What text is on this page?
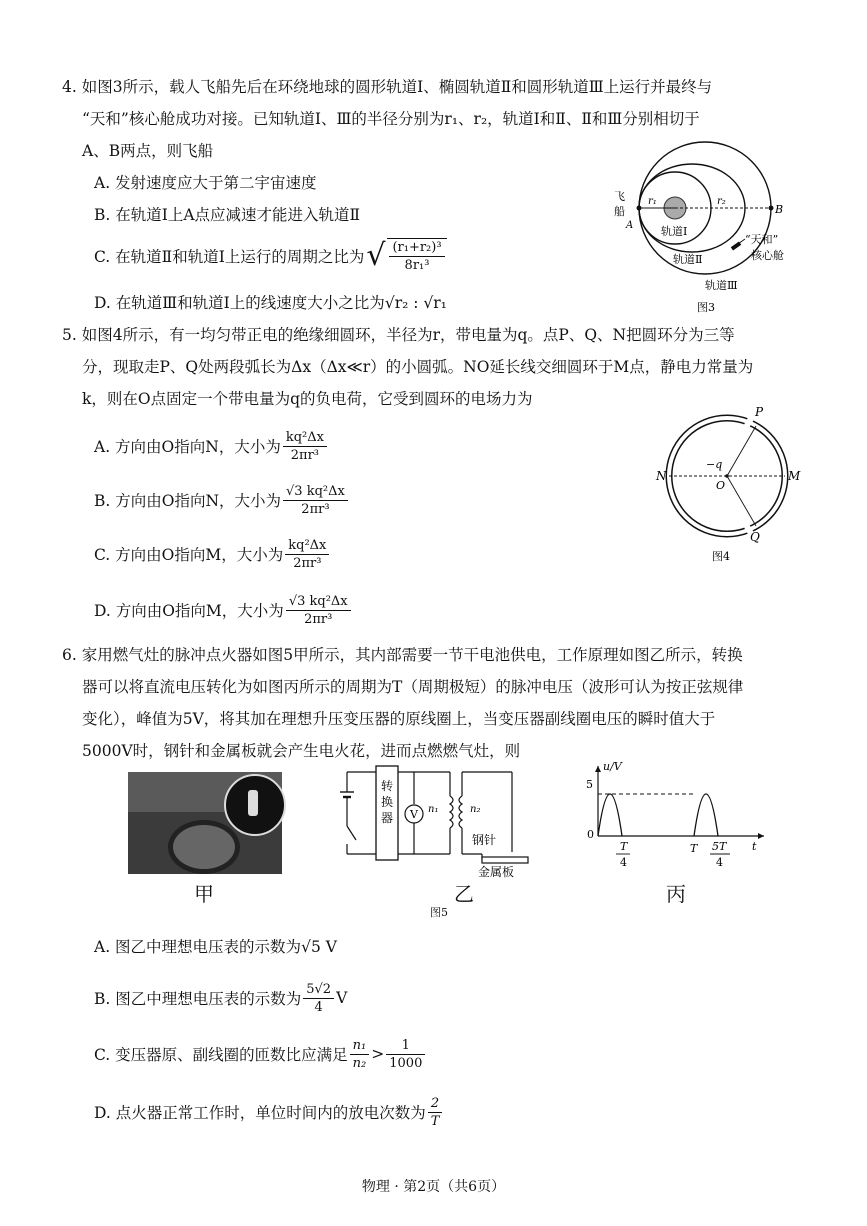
4. 如图3所示，载人飞船先后在环绕地球的圆形轨道Ⅰ、椭圆轨道Ⅱ和圆形轨道Ⅲ上运行并最终与
“天和”核心舱成功对接。已知轨道Ⅰ、Ⅲ的半径分别为r₁、r₂，轨道Ⅰ和Ⅱ、Ⅱ和Ⅲ分别相切于
A、B两点，则飞船
A. 发射速度应大于第二宇宙速度
B. 在轨道Ⅰ上A点应减速才能进入轨道Ⅱ
C. 在轨道Ⅱ和轨道Ⅰ上运行的周期之比为 √ $\frac{\text{(r₁+r₂)³}}{\text{8r₁³}}$
D. 在轨道Ⅲ和轨道Ⅰ上的线速度大小之比为√r₂ : √r₁
飞
船
A
B
r₁	r₂
轨道Ⅰ
轨道Ⅱ
轨道Ⅲ
“天和”
核心舱
图3
5. 如图4所示，有一均匀带正电的绝缘细圆环，半径为r，带电量为q。点P、Q、N把圆环分为三等
分，现取走P、Q处两段弧长为Δx（Δx≪r）的小圆弧。NO延长线交细圆环于M点，静电力常量为
k，则在O点固定一个带电量为q的负电荷，它受到圆环的电场力为
A. 方向由O指向N，大小为 $\frac{\text{kq²Δx}}{\text{2πr³}}$
B. 方向由O指向N，大小为 $\frac{\text{√3 kq²Δx}}{\text{2πr³}}$
C. 方向由O指向M，大小为 $\frac{\text{kq²Δx}}{\text{2πr³}}$
D. 方向由O指向M，大小为 $\frac{\text{√3 kq²Δx}}{\text{2πr³}}$
P
Q
N	M
O
−q
图4
6. 家用燃气灶的脉冲点火器如图5甲所示，其内部需要一节干电池供电，工作原理如图乙所示，转换
器可以将直流电压转化为如图丙所示的周期为T（周期极短）的脉冲电压（波形可认为按正弦规律
变化），峰值为5V，将其加在理想升压变压器的原线圈上，当变压器副线圈电压的瞬时值大于
5000V时，钢针和金属板就会产生电火花，进而点燃燃气灶，则
甲
转
换
器 V n₁	n₂
钢针
金属板
乙
图5
u/V
5
0
T
4
T 5T
4
t
丙
A. 图乙中理想电压表的示数为√5 V
B. 图乙中理想电压表的示数为 $\frac{5√2}{4}$ V
C. 变压器原、副线圈的匝数比应满足 $\frac{\text{n₁}}{\text{n₂}} > \frac{1}{1000}$
D. 点火器正常工作时，单位时间内的放电次数为 $\frac{2}{T}$
物理 · 第2页（共6页）
